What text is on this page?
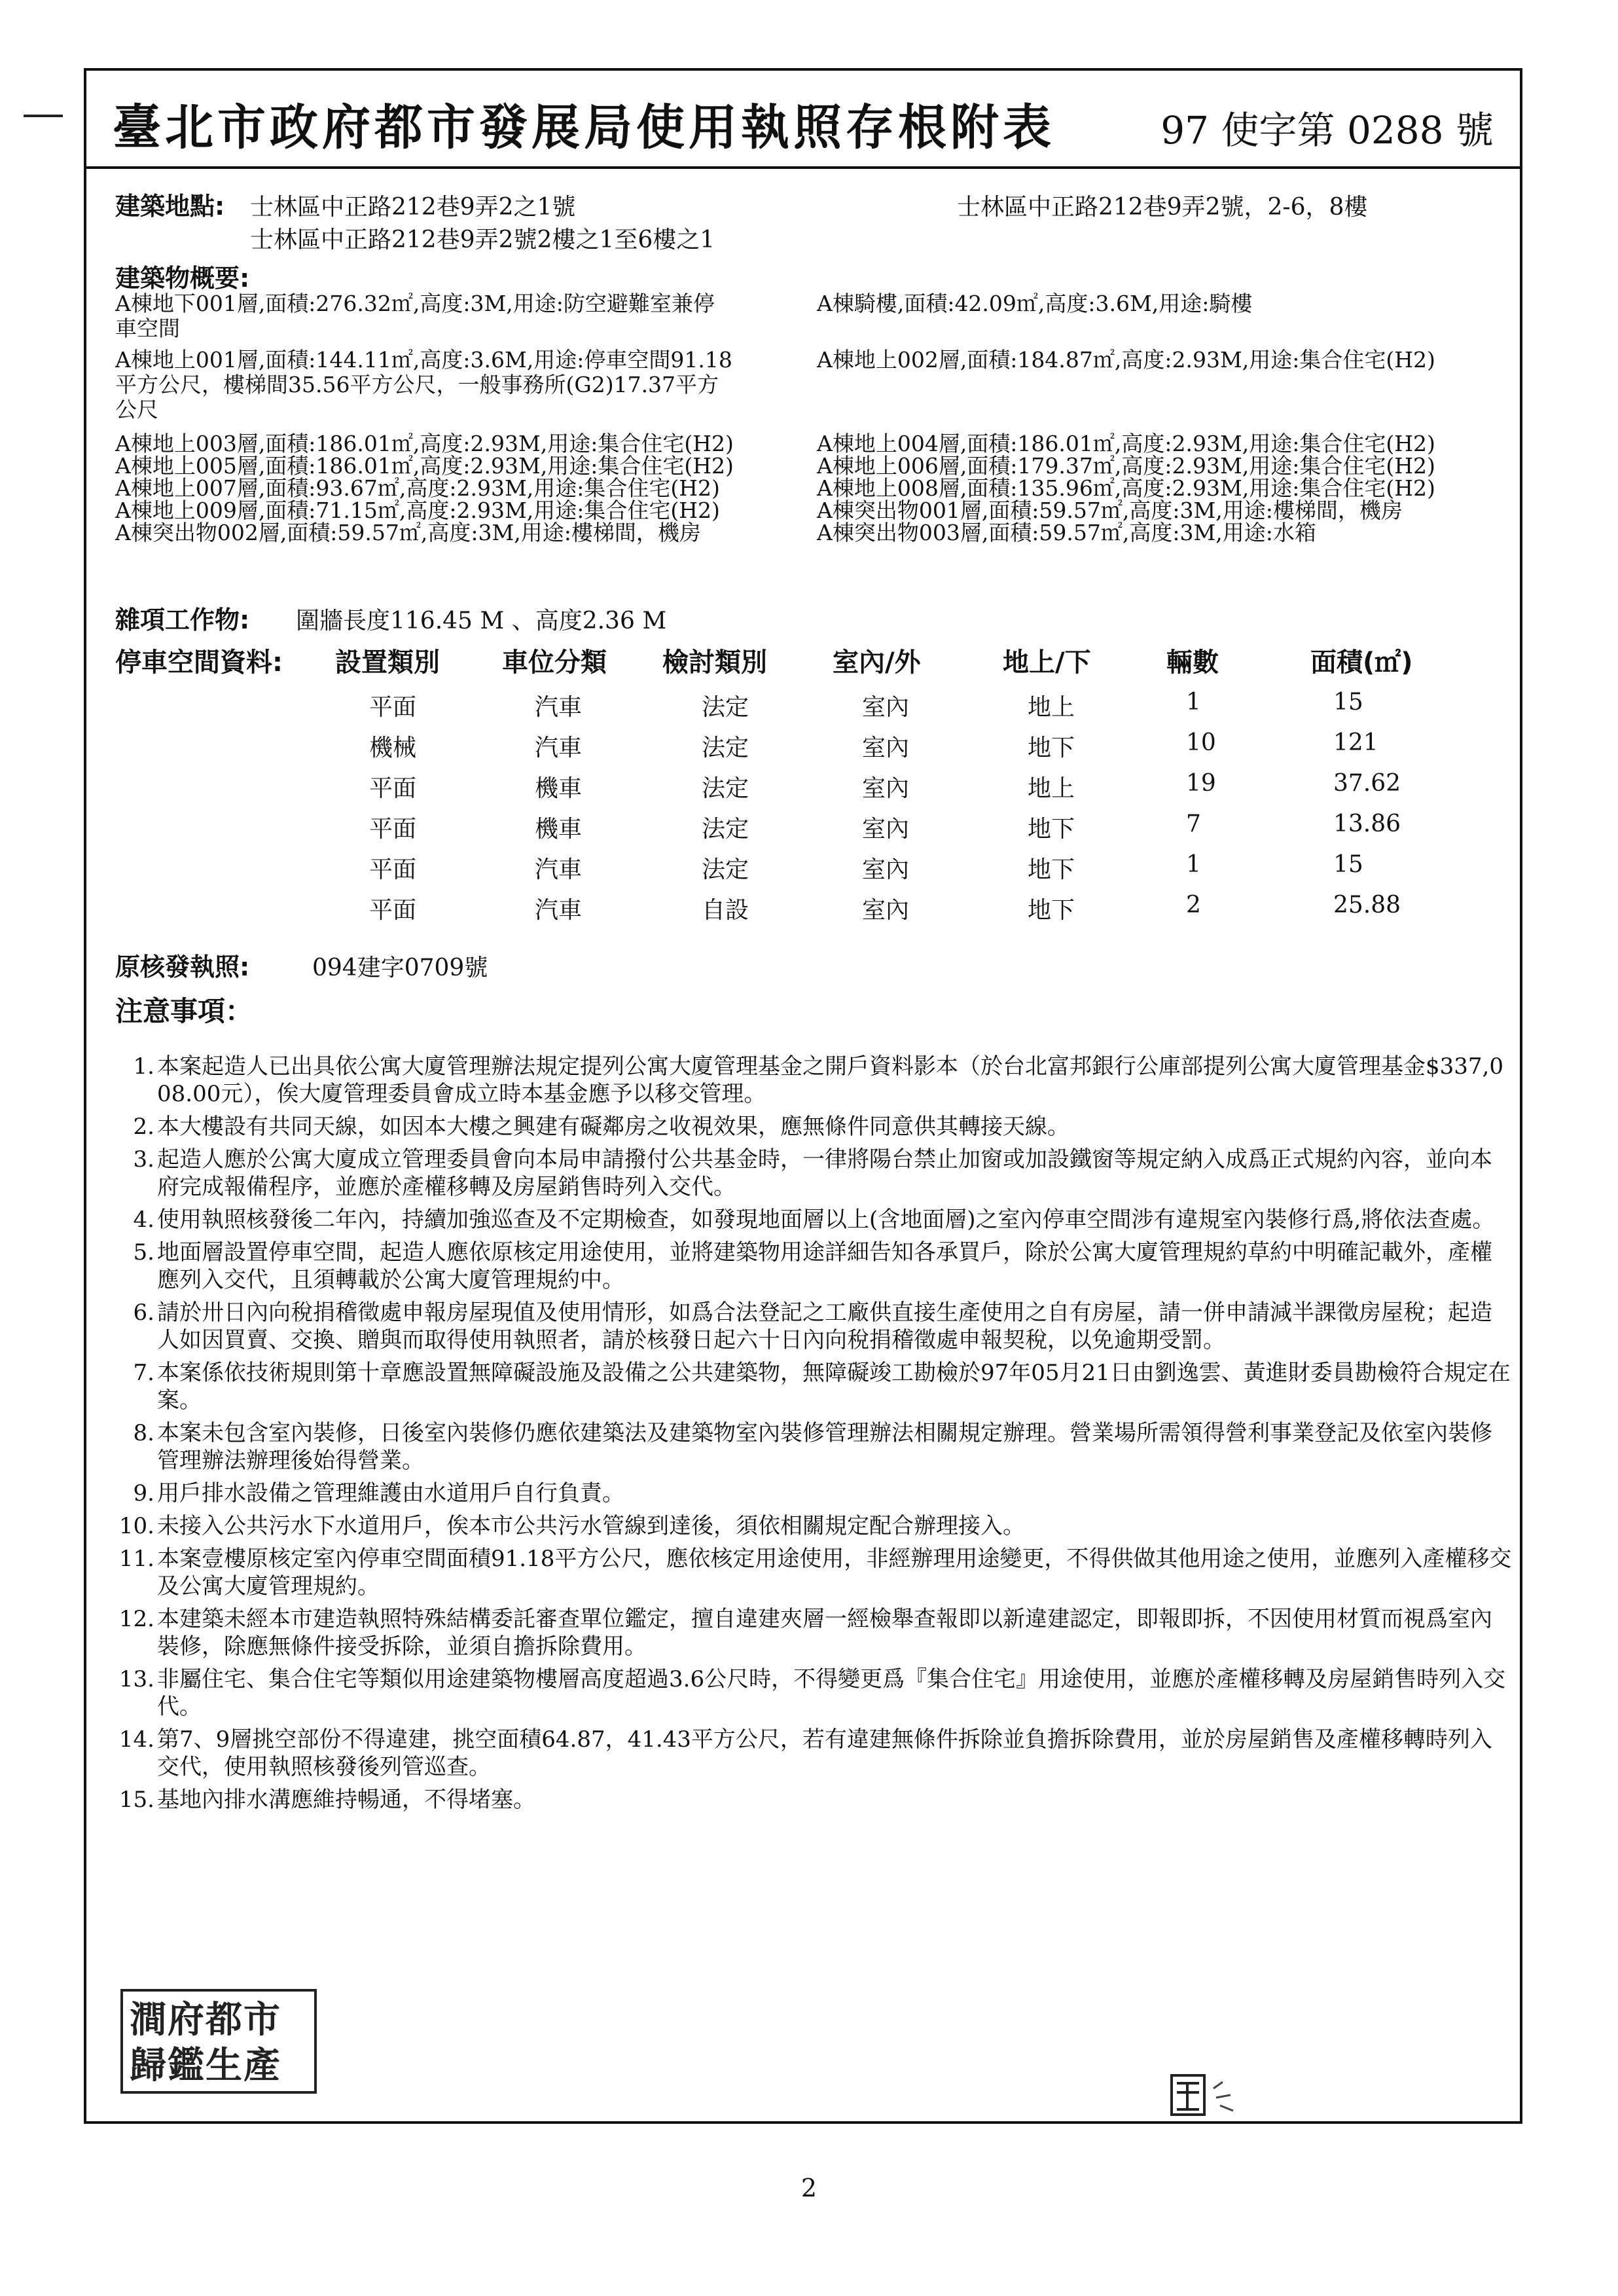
臺北市政府都市發展局使用執照存根附表	97 使字第 0288 號
建築地點: 士林區中正路212巷9弄2之1號	士林區中正路212巷9弄2號，2-6，8樓
士林區中正路212巷9弄2號2樓之1至6樓之1
建築物概要:
A棟地下001層,面積:276.32㎡,高度:3M,用途:防空避難室兼停	A棟騎樓,面積:42.09㎡,高度:3.6M,用途:騎樓
車空間
A棟地上001層,面積:144.11㎡,高度:3.6M,用途:停車空間91.18	A棟地上002層,面積:184.87㎡,高度:2.93M,用途:集合住宅(H2)
平方公尺，樓梯間35.56平方公尺，一般事務所(G2)17.37平方
公尺
A棟地上003層,面積:186.01㎡,高度:2.93M,用途:集合住宅(H2)	A棟地上004層,面積:186.01㎡,高度:2.93M,用途:集合住宅(H2)
A棟地上005層,面積:186.01㎡,高度:2.93M,用途:集合住宅(H2)	A棟地上006層,面積:179.37㎡,高度:2.93M,用途:集合住宅(H2)
A棟地上007層,面積:93.67㎡,高度:2.93M,用途:集合住宅(H2)	A棟地上008層,面積:135.96㎡,高度:2.93M,用途:集合住宅(H2)
A棟地上009層,面積:71.15㎡,高度:2.93M,用途:集合住宅(H2)	A棟突出物001層,面積:59.57㎡,高度:3M,用途:樓梯間，機房
A棟突出物002層,面積:59.57㎡,高度:3M,用途:樓梯間，機房	A棟突出物003層,面積:59.57㎡,高度:3M,用途:水箱
雜項工作物: 圍牆長度116.45 M 、高度2.36 M
停車空間資料: 設置類別 車位分類 檢討類別	室內/外	地上/下	輛數	面積(㎡)
平面	汽車	法定	室內	地上	1	15
機械	汽車	法定	室內	地下	10	121
平面	機車	法定	室內	地上	19	37.62
平面	機車	法定	室內	地下	7	13.86
平面	汽車	法定	室內	地下	1	15
平面	汽車	自設	室內	地下	2	25.88
原核發執照:	094建字0709號
注意事項：
1. 本案起造人已出具依公寓大廈管理辦法規定提列公寓大廈管理基金之開戶資料影本（於台北富邦銀行公庫部提列公寓大廈管理基金$337,008.00元），俟大廈管理委員會成立時本基金應予以移交管理。
2. 本大樓設有共同天線，如因本大樓之興建有礙鄰房之收視效果，應無條件同意供其轉接天線。
3. 起造人應於公寓大廈成立管理委員會向本局申請撥付公共基金時，一律將陽台禁止加窗或加設鐵窗等規定納入成爲正式規約內容，並向本府完成報備程序，並應於產權移轉及房屋銷售時列入交代。
4. 使用執照核發後二年內，持續加強巡查及不定期檢查，如發現地面層以上(含地面層)之室內停車空間涉有違規室內裝修行爲,將依法查處。
5. 地面層設置停車空間，起造人應依原核定用途使用，並將建築物用途詳細告知各承買戶，除於公寓大廈管理規約草約中明確記載外，產權應列入交代，且須轉載於公寓大廈管理規約中。
6. 請於卅日內向稅捐稽徵處申報房屋現值及使用情形，如爲合法登記之工廠供直接生產使用之自有房屋，請一併申請減半課徵房屋稅；起造人如因買賣、交換、贈與而取得使用執照者，請於核發日起六十日內向稅捐稽徵處申報契稅，以免逾期受罰。
7. 本案係依技術規則第十章應設置無障礙設施及設備之公共建築物，無障礙竣工勘檢於97年05月21日由劉逸雲、黃進財委員勘檢符合規定在案。
8. 本案未包含室內裝修，日後室內裝修仍應依建築法及建築物室內裝修管理辦法相關規定辦理。營業場所需領得營利事業登記及依室內裝修管理辦法辦理後始得營業。
9. 用戶排水設備之管理維護由水道用戶自行負責。
10. 未接入公共污水下水道用戶，俟本市公共污水管線到達後，須依相關規定配合辦理接入。
11. 本案壹樓原核定室內停車空間面積91.18平方公尺，應依核定用途使用，非經辦理用途變更，不得供做其他用途之使用，並應列入產權移交及公寓大廈管理規約。
12. 本建築未經本市建造執照特殊結構委託審查單位鑑定，擅自違建夾層一經檢舉查報即以新違建認定，即報即拆，不因使用材質而視爲室內裝修，除應無條件接受拆除，並須自擔拆除費用。
13. 非屬住宅、集合住宅等類似用途建築物樓層高度超過3.6公尺時，不得變更爲『集合住宅』用途使用，並應於產權移轉及房屋銷售時列入交代。
14. 第7、9層挑空部份不得違建，挑空面積64.87，41.43平方公尺，若有違建無條件拆除並負擔拆除費用，並於房屋銷售及產權移轉時列入交代，使用執照核發後列管巡查。
15. 基地內排水溝應維持暢通，不得堵塞。
澗府都市
歸鑑生產
2
